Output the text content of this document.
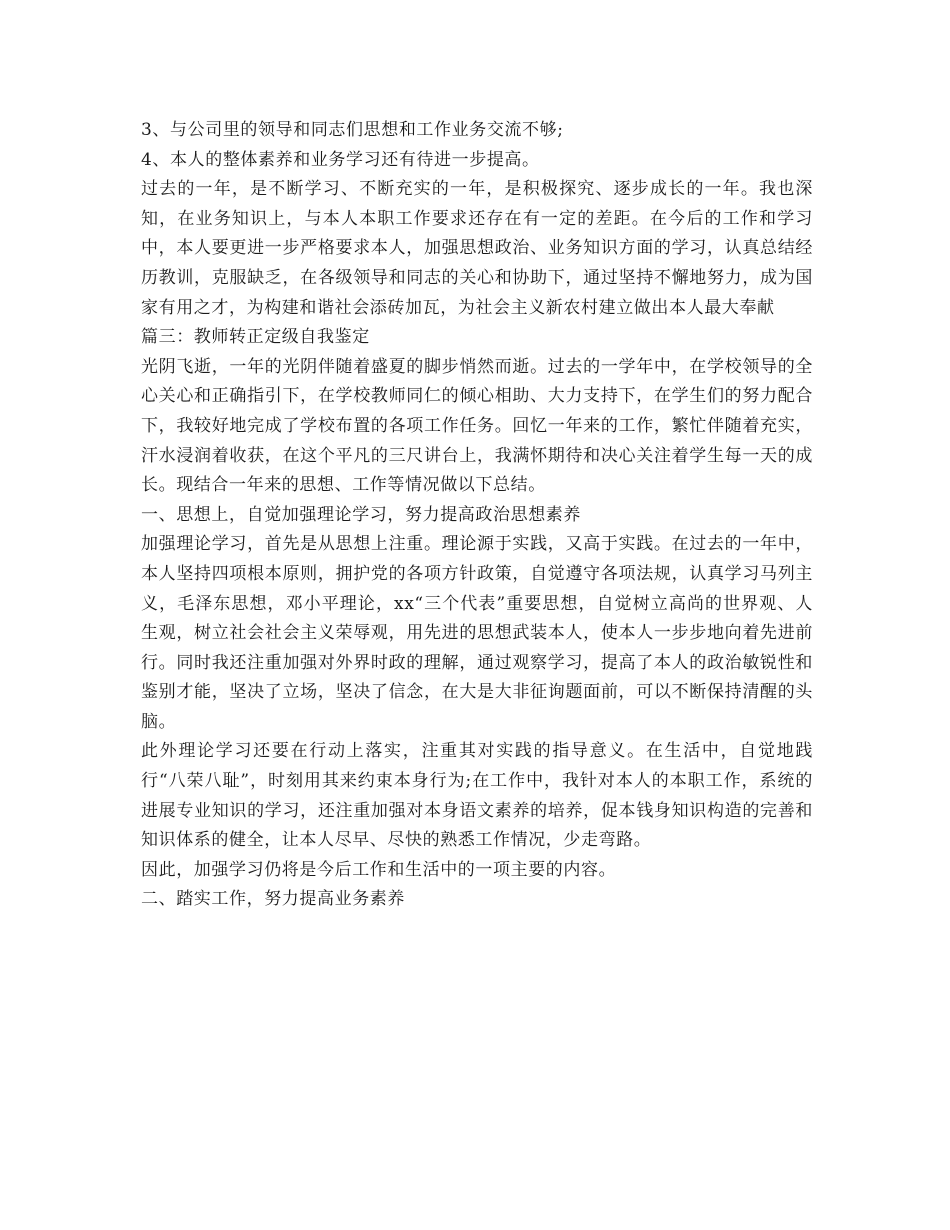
3、与公司里的领导和同志们思想和工作业务交流不够;

4、本人的整体素养和业务学习还有待进一步提高。

过去的一年，是不断学习、不断充实的一年，是积极探究、逐步成长的一年。我也深知，在业务知识上，与本人本职工作要求还存在有一定的差距。在今后的工作和学习中，本人要更进一步严格要求本人，加强思想政治、业务知识方面的学习，认真总结经历教训，克服缺乏，在各级领导和同志的关心和协助下，通过坚持不懈地努力，成为国家有用之才，为构建和谐社会添砖加瓦，为社会主义新农村建立做出本人最大奉献

篇三：教师转正定级自我鉴定

光阴飞逝，一年的光阴伴随着盛夏的脚步悄然而逝。过去的一学年中，在学校领导的全心关心和正确指引下，在学校教师同仁的倾心相助、大力支持下，在学生们的努力配合下，我较好地完成了学校布置的各项工作任务。回忆一年来的工作，繁忙伴随着充实，汗水浸润着收获，在这个平凡的三尺讲台上，我满怀期待和决心关注着学生每一天的成长。现结合一年来的思想、工作等情况做以下总结。

一、思想上，自觉加强理论学习，努力提高政治思想素养

加强理论学习，首先是从思想上注重。理论源于实践，又高于实践。在过去的一年中，本人坚持四项根本原则，拥护党的各项方针政策，自觉遵守各项法规，认真学习马列主义，毛泽东思想，邓小平理论，xx“三个代表”重要思想，自觉树立高尚的世界观、人生观，树立社会社会主义荣辱观，用先进的思想武装本人，使本人一步步地向着先进前行。同时我还注重加强对外界时政的理解，通过观察学习，提高了本人的政治敏锐性和鉴别才能，坚决了立场，坚决了信念，在大是大非征询题面前，可以不断保持清醒的头脑。

此外理论学习还要在行动上落实，注重其对实践的指导意义。在生活中，自觉地践行“八荣八耻”，时刻用其来约束本身行为;在工作中，我针对本人的本职工作，系统的进展专业知识的学习，还注重加强对本身语文素养的培养，促本钱身知识构造的完善和知识体系的健全，让本人尽早、尽快的熟悉工作情况，少走弯路。

因此，加强学习仍将是今后工作和生活中的一项主要的内容。

二、踏实工作，努力提高业务素养
